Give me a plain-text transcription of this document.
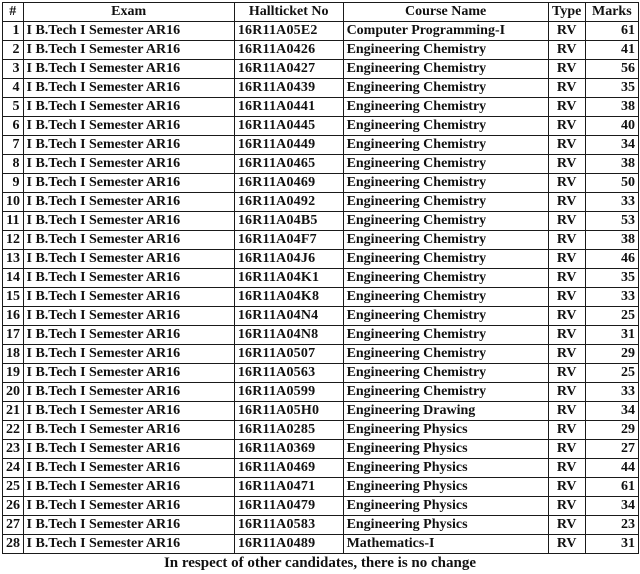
#	Exam	Hallticket No	Course Name	Type	Marks
1	I B.Tech I Semester AR16	16R11A05E2	Computer Programming-I	RV	61
2	I B.Tech I Semester AR16	16R11A0426	Engineering Chemistry	RV	41
3	I B.Tech I Semester AR16	16R11A0427	Engineering Chemistry	RV	56
4	I B.Tech I Semester AR16	16R11A0439	Engineering Chemistry	RV	35
5	I B.Tech I Semester AR16	16R11A0441	Engineering Chemistry	RV	38
6	I B.Tech I Semester AR16	16R11A0445	Engineering Chemistry	RV	40
7	I B.Tech I Semester AR16	16R11A0449	Engineering Chemistry	RV	34
8	I B.Tech I Semester AR16	16R11A0465	Engineering Chemistry	RV	38
9	I B.Tech I Semester AR16	16R11A0469	Engineering Chemistry	RV	50
10	I B.Tech I Semester AR16	16R11A0492	Engineering Chemistry	RV	33
11	I B.Tech I Semester AR16	16R11A04B5	Engineering Chemistry	RV	53
12	I B.Tech I Semester AR16	16R11A04F7	Engineering Chemistry	RV	38
13	I B.Tech I Semester AR16	16R11A04J6	Engineering Chemistry	RV	46
14	I B.Tech I Semester AR16	16R11A04K1	Engineering Chemistry	RV	35
15	I B.Tech I Semester AR16	16R11A04K8	Engineering Chemistry	RV	33
16	I B.Tech I Semester AR16	16R11A04N4	Engineering Chemistry	RV	25
17	I B.Tech I Semester AR16	16R11A04N8	Engineering Chemistry	RV	31
18	I B.Tech I Semester AR16	16R11A0507	Engineering Chemistry	RV	29
19	I B.Tech I Semester AR16	16R11A0563	Engineering Chemistry	RV	25
20	I B.Tech I Semester AR16	16R11A0599	Engineering Chemistry	RV	33
21	I B.Tech I Semester AR16	16R11A05H0	Engineering Drawing	RV	34
22	I B.Tech I Semester AR16	16R11A0285	Engineering Physics	RV	29
23	I B.Tech I Semester AR16	16R11A0369	Engineering Physics	RV	27
24	I B.Tech I Semester AR16	16R11A0469	Engineering Physics	RV	44
25	I B.Tech I Semester AR16	16R11A0471	Engineering Physics	RV	61
26	I B.Tech I Semester AR16	16R11A0479	Engineering Physics	RV	34
27	I B.Tech I Semester AR16	16R11A0583	Engineering Physics	RV	23
28	I B.Tech I Semester AR16	16R11A0489	Mathematics-I	RV	31
In respect of other candidates, there is no change
